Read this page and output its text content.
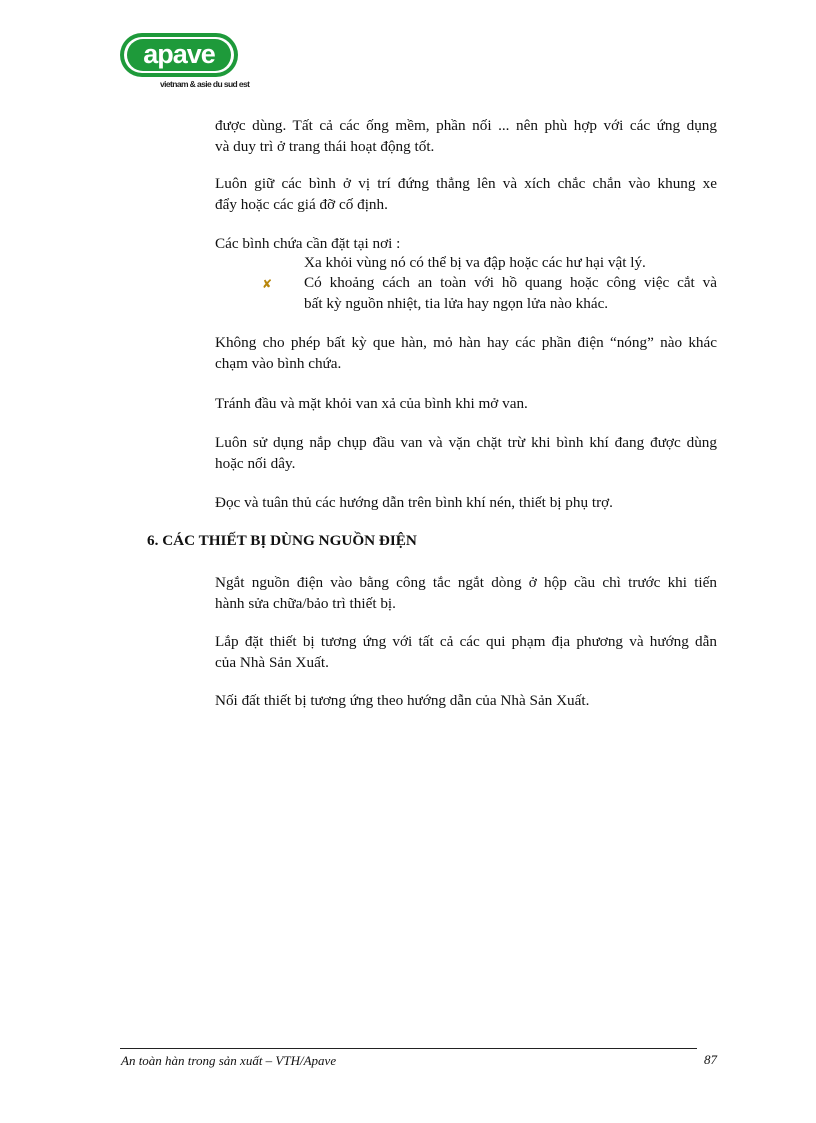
apave
vietnam & asie du sud est
được dùng. Tất cả các ống mềm, phần nối ... nên phù hợp với các ứng dụng
và duy trì ở trang thái hoạt động tốt.
Luôn giữ các bình ở vị trí đứng thẳng lên và xích chắc chắn vào khung xe
đẩy hoặc các giá đỡ cố định.
Các bình chứa cần đặt tại nơi :
Xa khỏi vùng nó có thể bị va đập hoặc các hư hại vật lý.
✘ Có khoảng cách an toàn với hồ quang hoặc công việc cắt và
bất kỳ nguồn nhiệt, tia lửa hay ngọn lửa nào khác.
Không cho phép bất kỳ que hàn, mỏ hàn hay các phần điện “nóng” nào khác
chạm vào bình chứa.
Tránh đầu và mặt khỏi van xả của bình khi mở van.
Luôn sử dụng nắp chụp đầu van và vặn chặt trừ khi bình khí đang được dùng
hoặc nối dây.
Đọc và tuân thủ các hướng dẫn trên bình khí nén, thiết bị phụ trợ.
6. CÁC THIẾT BỊ DÙNG NGUỒN ĐIỆN
Ngắt nguồn điện vào bằng công tắc ngắt dòng ở hộp cầu chì trước khi tiến
hành sửa chữa/bảo trì thiết bị.
Lắp đặt thiết bị tương ứng với tất cả các qui phạm địa phương và hướng dẫn
của Nhà Sản Xuất.
Nối đất thiết bị tương ứng theo hướng dẫn của Nhà Sản Xuất.
An toàn hàn trong sản xuất – VTH/Apave	87
